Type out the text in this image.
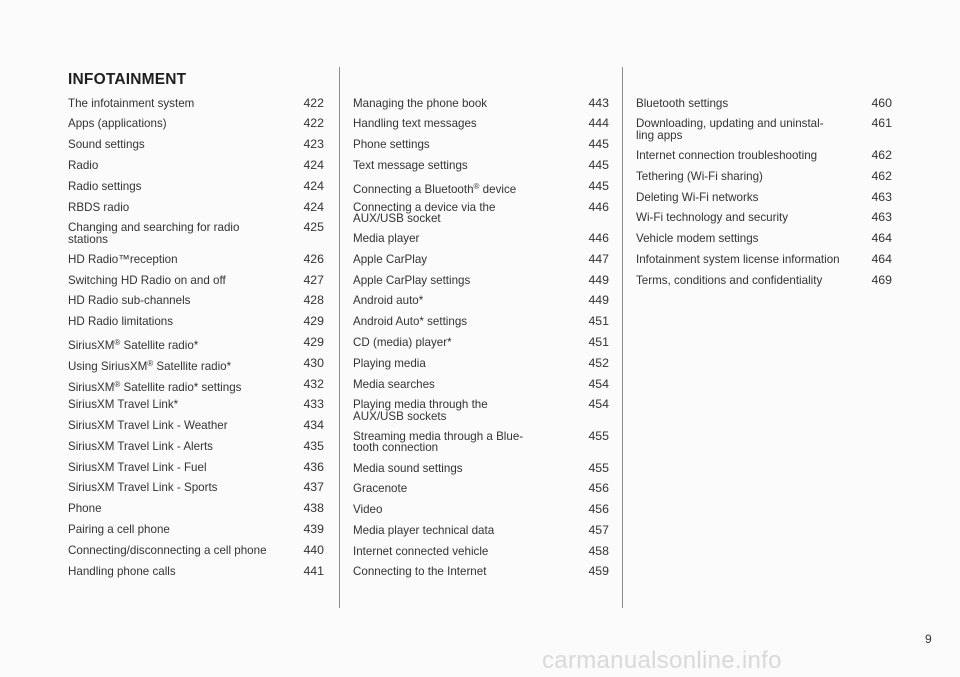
INFOTAINMENT
The infotainment system	422
Apps (applications)	422
Sound settings	423
Radio	424
Radio settings	424
RBDS radio	424
Changing and searching for radio
stations
425
HD Radio™reception	426
Switching HD Radio on and off	427
HD Radio sub-channels	428
HD Radio limitations	429
SiriusXM® Satellite radio*	429
Using SiriusXM® Satellite radio*	430
SiriusXM® Satellite radio* settings	432
SiriusXM Travel Link*	433
SiriusXM Travel Link - Weather	434
SiriusXM Travel Link - Alerts	435
SiriusXM Travel Link - Fuel	436
SiriusXM Travel Link - Sports	437
Phone	438
Pairing a cell phone	439
Connecting/disconnecting a cell phone	440
Handling phone calls	441
Managing the phone book	443
Handling text messages	444
Phone settings	445
Text message settings	445
Connecting a Bluetooth® device	445
Connecting a device via the
AUX/USB socket
446
Media player	446
Apple CarPlay	447
Apple CarPlay settings	449
Android auto*	449
Android Auto* settings	451
CD (media) player*	451
Playing media	452
Media searches	454
Playing media through the
AUX/USB sockets
454
Streaming media through a Blue-
tooth connection
455
Media sound settings	455
Gracenote	456
Video	456
Media player technical data	457
Internet connected vehicle	458
Connecting to the Internet	459
Bluetooth settings	460
Downloading, updating and uninstal-
ling apps
461
Internet connection troubleshooting	462
Tethering (Wi-Fi sharing)	462
Deleting Wi-Fi networks	463
Wi-Fi technology and security	463
Vehicle modem settings	464
Infotainment system license information	464
Terms, conditions and confidentiality	469
9
carmanualsonline.info
